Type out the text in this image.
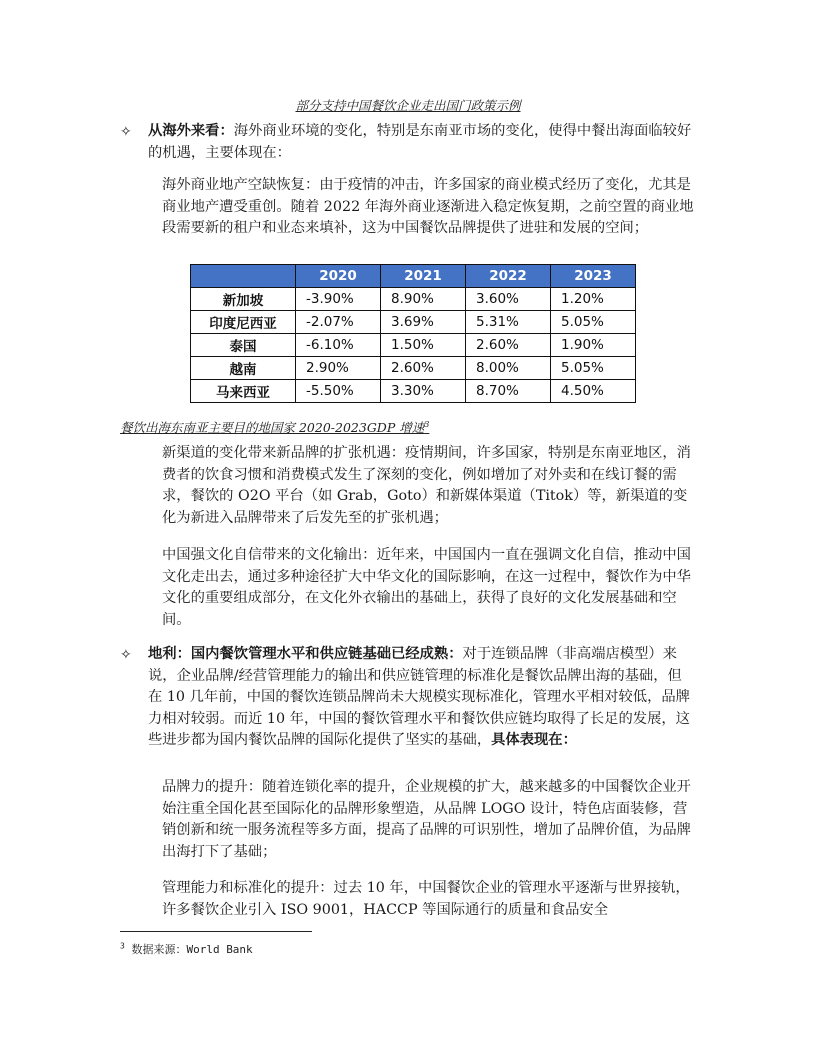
部分支持中国餐饮企业走出国门政策示例
✧ 从海外来看：海外商业环境的变化，特别是东南亚市场的变化，使得中餐出海面临较好的机遇，主要体现在：
海外商业地产空缺恢复：由于疫情的冲击，许多国家的商业模式经历了变化，尤其是商业地产遭受重创。随着 2022 年海外商业逐渐进入稳定恢复期，之前空置的商业地段需要新的租户和业态来填补，这为中国餐饮品牌提供了进驻和发展的空间；
	2020	2021	2022	2023
新加坡	-3.90%	8.90%	3.60%	1.20%
印度尼西亚	-2.07%	3.69%	5.31%	5.05%
泰国	-6.10%	1.50%	2.60%	1.90%
越南	2.90%	2.60%	8.00%	5.05%
马来西亚	-5.50%	3.30%	8.70%	4.50%
餐饮出海东南亚主要目的地国家 2020-2023GDP 增速$^3$
新渠道的变化带来新品牌的扩张机遇：疫情期间，许多国家，特别是东南亚地区，消费者的饮食习惯和消费模式发生了深刻的变化，例如增加了对外卖和在线订餐的需求，餐饮的 O2O 平台（如 Grab，Goto）和新媒体渠道（Titok）等，新渠道的变化为新进入品牌带来了后发先至的扩张机遇；
中国强文化自信带来的文化输出：近年来，中国国内一直在强调文化自信，推动中国文化走出去，通过多种途径扩大中华文化的国际影响，在这一过程中，餐饮作为中华文化的重要组成部分，在文化外衣输出的基础上，获得了良好的文化发展基础和空间。
✧ 地利：国内餐饮管理水平和供应链基础已经成熟：对于连锁品牌（非高端店模型）来说，企业品牌/经营管理能力的输出和供应链管理的标准化是餐饮品牌出海的基础，但在 10 几年前，中国的餐饮连锁品牌尚未大规模实现标准化，管理水平相对较低，品牌力相对较弱。而近 10 年，中国的餐饮管理水平和餐饮供应链均取得了长足的发展，这些进步都为国内餐饮品牌的国际化提供了坚实的基础，具体表现在：
品牌力的提升：随着连锁化率的提升，企业规模的扩大，越来越多的中国餐饮企业开始注重全国化甚至国际化的品牌形象塑造，从品牌 LOGO 设计，特色店面装修，营销创新和统一服务流程等多方面，提高了品牌的可识别性，增加了品牌价值，为品牌出海打下了基础；
管理能力和标准化的提升：过去 10 年，中国餐饮企业的管理水平逐渐与世界接轨，许多餐饮企业引入 ISO 9001，HACCP 等国际通行的质量和食品安全
$^3$ 数据来源：World Bank
